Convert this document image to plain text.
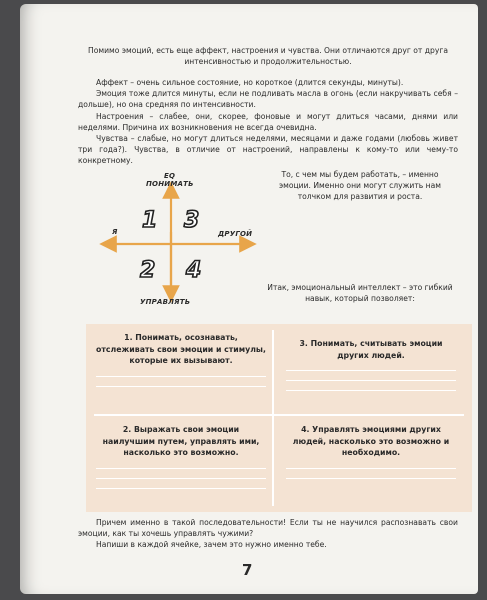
Помимо эмоций, есть еще аффект, настроения и чувства. Они отличаются друг от друга интенсивностью и продолжительностью.
Аффект – очень сильное состояние, но короткое (длится секунды, минуты).
Эмоция тоже длится минуты, если не подливать масла в огонь (если накручивать себя – дольше), но она средняя по интенсивности.
Настроения – слабее, они, скорее, фоновые и могут длиться часами, днями или неделями. Причина их возникновения не всегда очевидна.
Чувства – слабые, но могут длиться неделями, месяцами и даже годами (любовь живет три года?). Чувства, в отличие от настроений, направлены к кому-то или чему-то конкретному.
EQ
ПОНИМАТЬ
Я	ДРУГОЙ
УПРАВЛЯТЬ
1 3
2 4
То, с чем мы будем работать, – именно эмоции. Именно они могут служить нам толчком для развития и роста.
Итак, эмоциональный интеллект – это гибкий навык, который позволяет:
1. Понимать, осознавать, отслеживать свои эмоции и стимулы, которые их вызывают.
3. Понимать, считывать эмоции других людей.
2. Выражать свои эмоции наилучшим путем, управлять ими, насколько это возможно.
4. Управлять эмоциями других людей, насколько это возможно и необходимо.
Причем именно в такой последовательности! Если ты не научился распознавать свои эмоции, как ты хочешь управлять чужими?
Напиши в каждой ячейке, зачем это нужно именно тебе.
7
